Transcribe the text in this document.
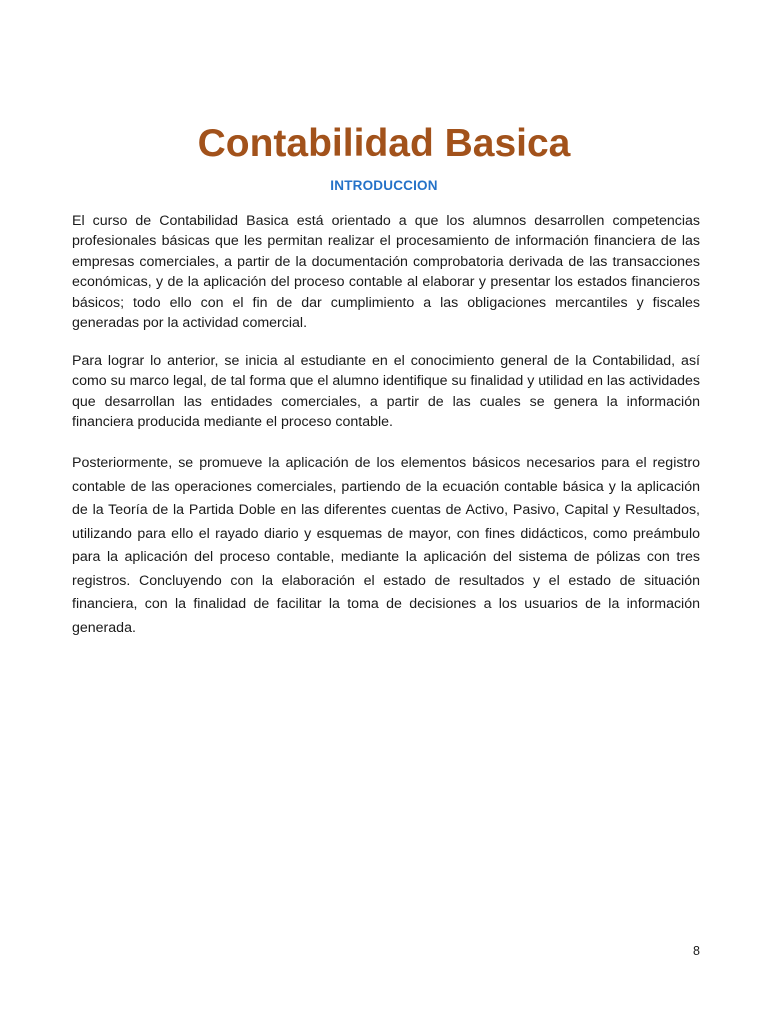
Contabilidad Basica
INTRODUCCION

El curso de Contabilidad Basica está orientado a que los alumnos desarrollen competencias profesionales básicas que les permitan realizar el procesamiento de información financiera de las empresas comerciales, a partir de la documentación comprobatoria derivada de las transacciones económicas, y de la aplicación del proceso contable al elaborar y presentar los estados financieros básicos; todo ello con el fin de dar cumplimiento a las obligaciones mercantiles y fiscales generadas por la actividad comercial.

Para lograr lo anterior, se inicia al estudiante en el conocimiento general de la Contabilidad, así como su marco legal, de tal forma que el alumno identifique su finalidad y utilidad en las actividades que desarrollan las entidades comerciales, a partir de las cuales se genera la información financiera producida mediante el proceso contable.

Posteriormente, se promueve la aplicación de los elementos básicos necesarios para el registro contable de las operaciones comerciales, partiendo de la ecuación contable básica y la aplicación de la Teoría de la Partida Doble en las diferentes cuentas de Activo, Pasivo, Capital y Resultados, utilizando para ello el rayado diario y esquemas de mayor, con fines didácticos, como preámbulo para la aplicación del proceso contable, mediante la aplicación del sistema de pólizas con tres registros. Concluyendo con la elaboración el estado de resultados y el estado de situación financiera, con la finalidad de facilitar la toma de decisiones a los usuarios de la información generada.

8
